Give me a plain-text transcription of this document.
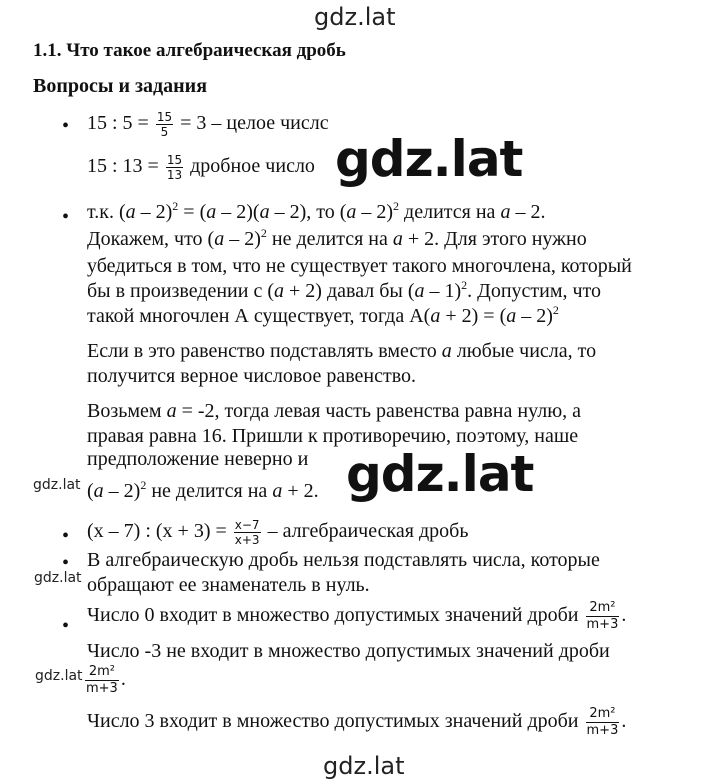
gdz.lat
gdz.lat
gdz.lat
gdz.lat
gdz.lat
gdz.lat
gdz.lat
1.1. Что такое алгебраическая дробь
Вопросы и задания
• 15 : $5 = \frac{15}{5} = 3$ – целое числс
15 : $13 = \frac{15}{13}$ дробное число
• т.к. (a – 2)$^2$ = (a – 2)(a – 2), то (a – 2)$^2$ делится на a – 2.
Докажем, что (a – 2)$^2$ не делится на a + 2. Для этого нужно
убедиться в том, что не существует такого многочлена, который
бы в произведении с (a + 2) давал бы (a – 1)$^2$. Допустим, что
такой многочлен А существует, тогда А(a + 2) = (a – 2)$^2$
Если в это равенство подставлять вместо a любые числа, то
получится верное числовое равенство.
Возьмем a = -2, тогда левая часть равенства равна нулю, а
правая равна 16. Пришли к противоречию, поэтому, наше
предположение неверно и
(a – 2)$^2$ не делится на a + 2.
• (x – 7) : $(x + 3) = \frac{x-7}{x+3}$ – алгебраическая дробь
• В алгебраическую дробь нельзя подставлять числа, которые
обращают ее знаменатель в нуль.
• Число 0 входит в множество допустимых значений дроби $\frac{\text{2m²}}{m+3}$ .
Число -3 не входит в множество допустимых значений дроби
$\frac{\text{2m²}}{m+3}$ .
Число 3 входит в множество допустимых значений дроби $\frac{\text{2m²}}{m+3}$ .
